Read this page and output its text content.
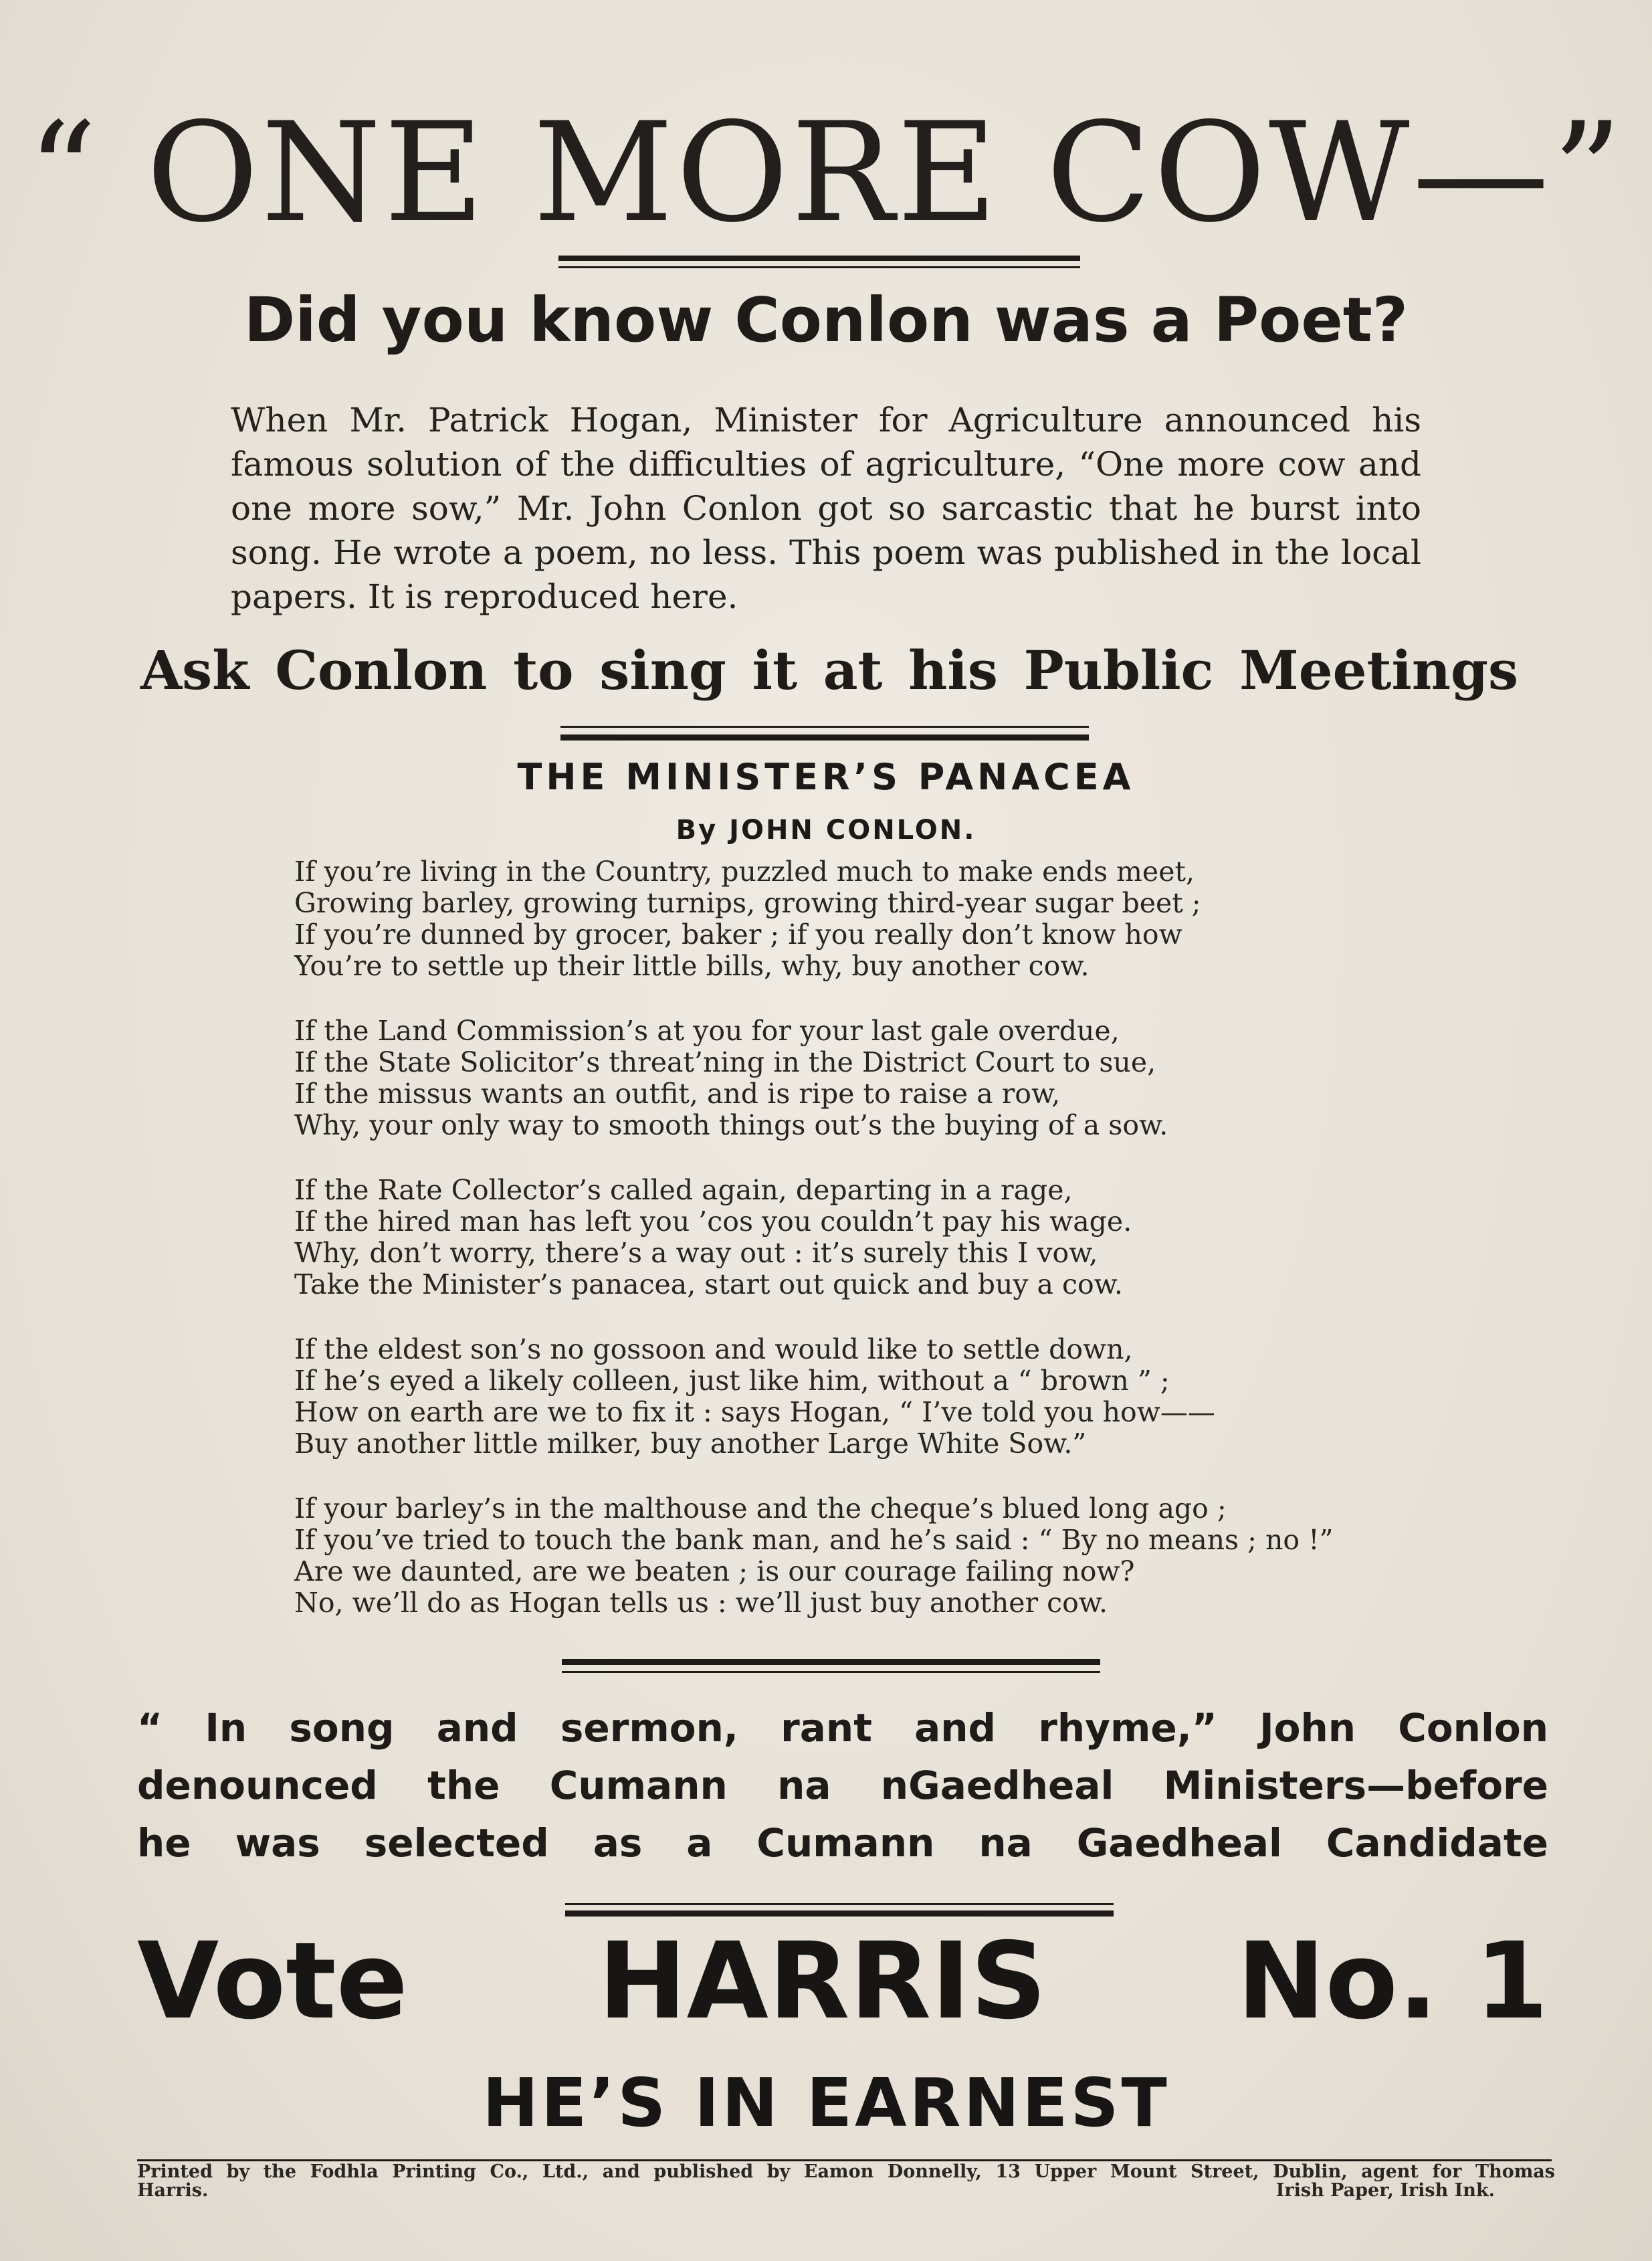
“ ONE MORE COW—”
Did you know Conlon was a Poet?
When Mr. Patrick Hogan, Minister for Agriculture announced his famous solution of the difficulties of agriculture, “One more cow and one more sow,” Mr. John Conlon got so sarcastic that he burst into song. He wrote a poem, no less. This poem was published in the local papers. It is reproduced here.
Ask Conlon to sing it at his Public Meetings
THE MINISTER’S PANACEA
By JOHN CONLON.
If you’re living in the Country, puzzled much to make ends meet,
Growing barley, growing turnips, growing third-year sugar beet ;
If you’re dunned by grocer, baker ; if you really don’t know how
You’re to settle up their little bills, why, buy another cow.
If the Land Commission’s at you for your last gale overdue,
If the State Solicitor’s threat’ning in the District Court to sue,
If the missus wants an outfit, and is ripe to raise a row,
Why, your only way to smooth things out’s the buying of a sow.
If the Rate Collector’s called again, departing in a rage,
If the hired man has left you ’cos you couldn’t pay his wage.
Why, don’t worry, there’s a way out : it’s surely this I vow,
Take the Minister’s panacea, start out quick and buy a cow.
If the eldest son’s no gossoon and would like to settle down,
If he’s eyed a likely colleen, just like him, without a “ brown ” ;
How on earth are we to fix it : says Hogan, “ I’ve told you how——
Buy another little milker, buy another Large White Sow.”
If your barley’s in the malthouse and the cheque’s blued long ago ;
If you’ve tried to touch the bank man, and he’s said : “ By no means ; no !”
Are we daunted, are we beaten ; is our courage failing now?
No, we’ll do as Hogan tells us : we’ll just buy another cow.
“ In song and sermon, rant and rhyme,” John Conlon
denounced the Cumann na nGaedheal Ministers—before
he was selected as a Cumann na Gaedheal Candidate
Vote HARRIS No. 1
HE’S IN EARNEST
Printed by the Fodhla Printing Co., Ltd., and published by Eamon Donnelly, 13 Upper Mount Street, Dublin, agent for Thomas
Harris.	Irish Paper, Irish Ink.
